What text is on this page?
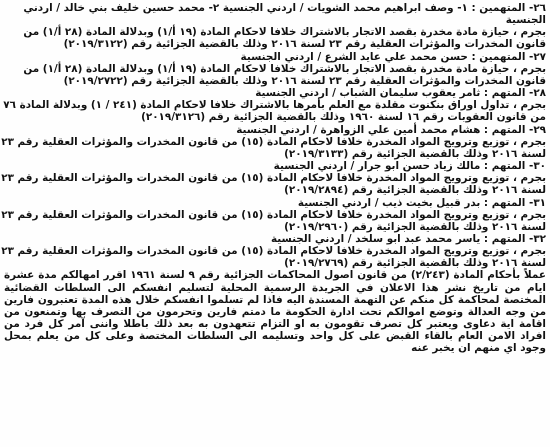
٢٦- المتهمين : ١- وصف ابراهيم محمد الشويات / اردني الجنسية ٢- محمد حسين خليف بني خالد / اردني
الجنسية
بجرم ، حيازة مادة مخدرة بقصد الاتجار بالاشتراك خلافا لاحكام المادة (١٩ أ/١) وبدلالة المادة (٢٨ أ/١) من
قانون المخدرات والمؤثرات العقلية رقم ٢٣ لسنة ٢٠١٦ وذلك بالقضية الجزائية رقم (٢٠١٩/٣١٢٢)
٢٧- المتهمين : حسن محمد علي عايد الشرع / اردني الجنسية
بجرم ، حيازة مادة مخدرة بقصد الاتجار بالاشتراك خلافا لاحكام المادة (١٩ أ/١) وبدلالة المادة (٢٨ أ/١) من
قانون المخدرات والمؤثرات العقلية رقم ٢٣ لسنة ٢٠١٦ وذلك بالقضية الجزائية رقم (٢٠١٩/٢٧٢٢)
٢٨- المتهم : ثامر يعقوب سليمان الشباب / اردني الجنسية
بجرم ، تداول اوراق بنكنوت مقلدة مع العلم بأمرها بالاشتراك خلافا لاحكام المادة (٢٤١ / ١) وبدلالة المادة ٧٦
من قانون العقوبات رقم ١٦ لسنة ١٩٦٠ وذلك بالقضية الجزائية رقم (٢٠١٩/٣١٢٦)
٢٩- المتهم : هشام محمد أمين علي الزواهرة / اردني الجنسية
بجرم ، توزيع وترويج المواد المخدرة خلافا لاحكام المادة (١٥) من قانون المخدرات والمؤثرات العقلية رقم ٢٣
لسنة ٢٠١٦ وذلك بالقضية الجزائية رقم (٢٠١٩/٣١٣٣)
٣٠- المتهم : مالك زياد حسن ابو جرار / اردني الجنسية
بجرم ، توزيع وترويج المواد المخدرة خلافا لاحكام المادة (١٥) من قانون المخدرات والمؤثرات العقلية رقم ٢٣
لسنة ٢٠١٦ وذلك بالقضية الجزائية رقم (٢٠١٩/٢٨٩٤)
٣١- المتهم : بدر قبيل بخيت ذيب / اردني الجنسية
بجرم ، توزيع وترويج المواد المخدرة خلافا لاحكام المادة (١٥) من قانون المخدرات والمؤثرات العقلية رقم ٢٣
لسنة ٢٠١٦ وذلك بالقضية الجزائية رقم (٢٠١٩/٢٩٦٠)
٣٢- المتهم : ياسر محمد عبد ابو سلخد / اردني الجنسية
بجرم ، توزيع وترويج المواد المخدرة خلافا لاحكام المادة (١٥) من قانون المخدرات والمؤثرات العقلية رقم ٢٣
لسنة ٢٠١٦ وذلك بالقضية الجزائية رقم (٢٠١٩/٢٧٦٩)
عملاً بأحكام المادة (٢/٢٤٣) من قانون اصول المحاكمات الجزائية رقم ٩ لسنة ١٩٦١ اقرر امهالكم مدة عشرة ايام من تاريخ نشر هذا الاعلان في الجريدة الرسمية المحلية لتسليم انفسكم الى السلطات القضائية المختصة لمحاكمة كل منكم عن التهمة المسندة اليه فاذا لم تسلموا انفسكم خلال هذه المدة تعتبرون فارين من وجه العدالة وتوضع اموالكم تحت ادارة الحكومة ما دمتم فارين وتحرمون من التصرف بها وتمنعون من اقامة اية دعاوى ويعتبر كل تصرف تقومون به او التزام تتعهدون به بعد ذلك باطلا واننى آمر كل فرد من افراد الامن العام بالقاء القبض على كل واحد وتسليمه الى السلطات المختصة وعلى كل من يعلم بمحل وجود اي منهم ان يخبر عنه
